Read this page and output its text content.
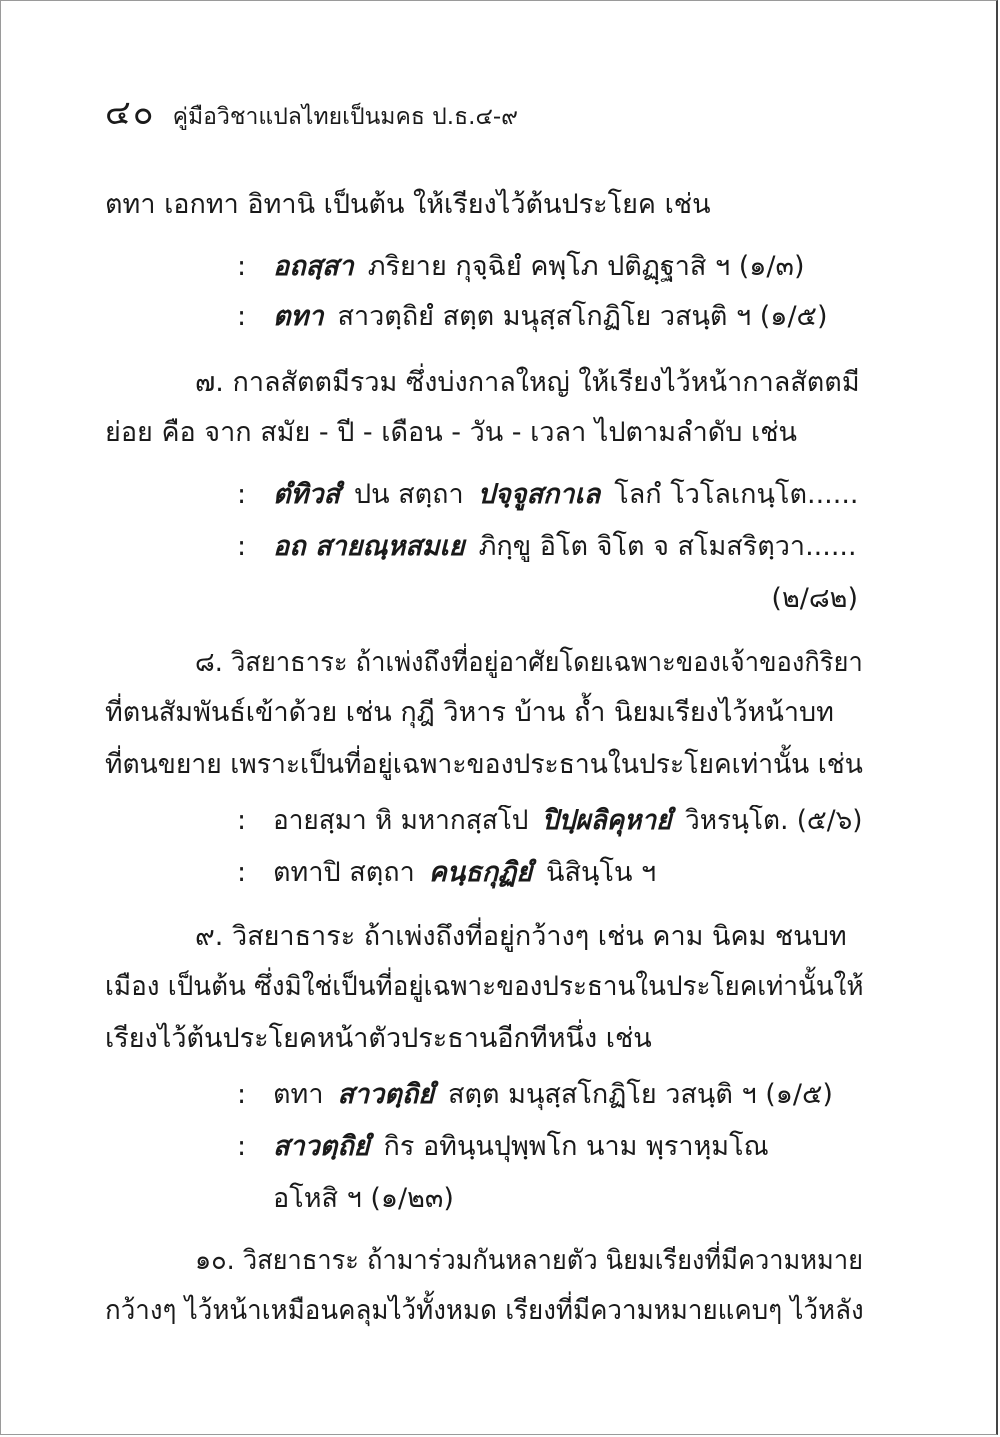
๔๐ คู่มือวิชาแปลไทยเป็นมคธ ป.ธ.๔-๙
ตทา เอกทา อิทานิ เป็นต้น ให้เรียงไว้ต้นประโยค เช่น
: อถสฺสา ภริยาย กุจฺฉิยํ คพฺโภ ปติฏฺฐาสิ ฯ (๑/๓)
: ตทา สาวตฺถิยํ สตฺต มนุสฺสโกฏิโย วสนฺติ ฯ (๑/๕)
๗. กาลสัตตมีรวม ซึ่งบ่งกาลใหญ่ ให้เรียงไว้หน้ากาลสัตตมี
ย่อย คือ จาก สมัย - ปี - เดือน - วัน - เวลา ไปตามลำดับ เช่น
: ตํทิวสํ ปน สตฺถา ปจฺจูสกาเล โลกํ โวโลเกนฺโต......
: อถ สายณฺหสมเย ภิกฺขู อิโต จิโต จ สโมสริตฺวา......
(๒/๘๒)
๘. วิสยาธาระ ถ้าเพ่งถึงที่อยู่อาศัยโดยเฉพาะของเจ้าของกิริยา
ที่ตนสัมพันธ์เข้าด้วย เช่น กุฎี วิหาร บ้าน ถ้ำ นิยมเรียงไว้หน้าบท
ที่ตนขยาย เพราะเป็นที่อยู่เฉพาะของประธานในประโยคเท่านั้น เช่น
: อายสฺมา หิ มหากสฺสโป ปิปฺผลิคุหายํ วิหรนฺโต. (๕/๖)
: ตทาปิ สตฺถา คนฺธกุฏิยํ นิสินฺโน ฯ
๙. วิสยาธาระ ถ้าเพ่งถึงที่อยู่กว้างๆ เช่น คาม นิคม ชนบท
เมือง เป็นต้น ซึ่งมิใช่เป็นที่อยู่เฉพาะของประธานในประโยคเท่านั้นให้
เรียงไว้ต้นประโยคหน้าตัวประธานอีกทีหนึ่ง เช่น
: ตทา สาวตฺถิยํ สตฺต มนุสฺสโกฏิโย วสนฺติ ฯ (๑/๕)
: สาวตฺถิยํ กิร อทินฺนปุพฺพโก นาม พฺราหฺมโณ
อโหสิ ฯ (๑/๒๓)
๑๐. วิสยาธาระ ถ้ามาร่วมกันหลายตัว นิยมเรียงที่มีความหมาย
กว้างๆ ไว้หน้าเหมือนคลุมไว้ทั้งหมด เรียงที่มีความหมายแคบๆ ไว้หลัง
